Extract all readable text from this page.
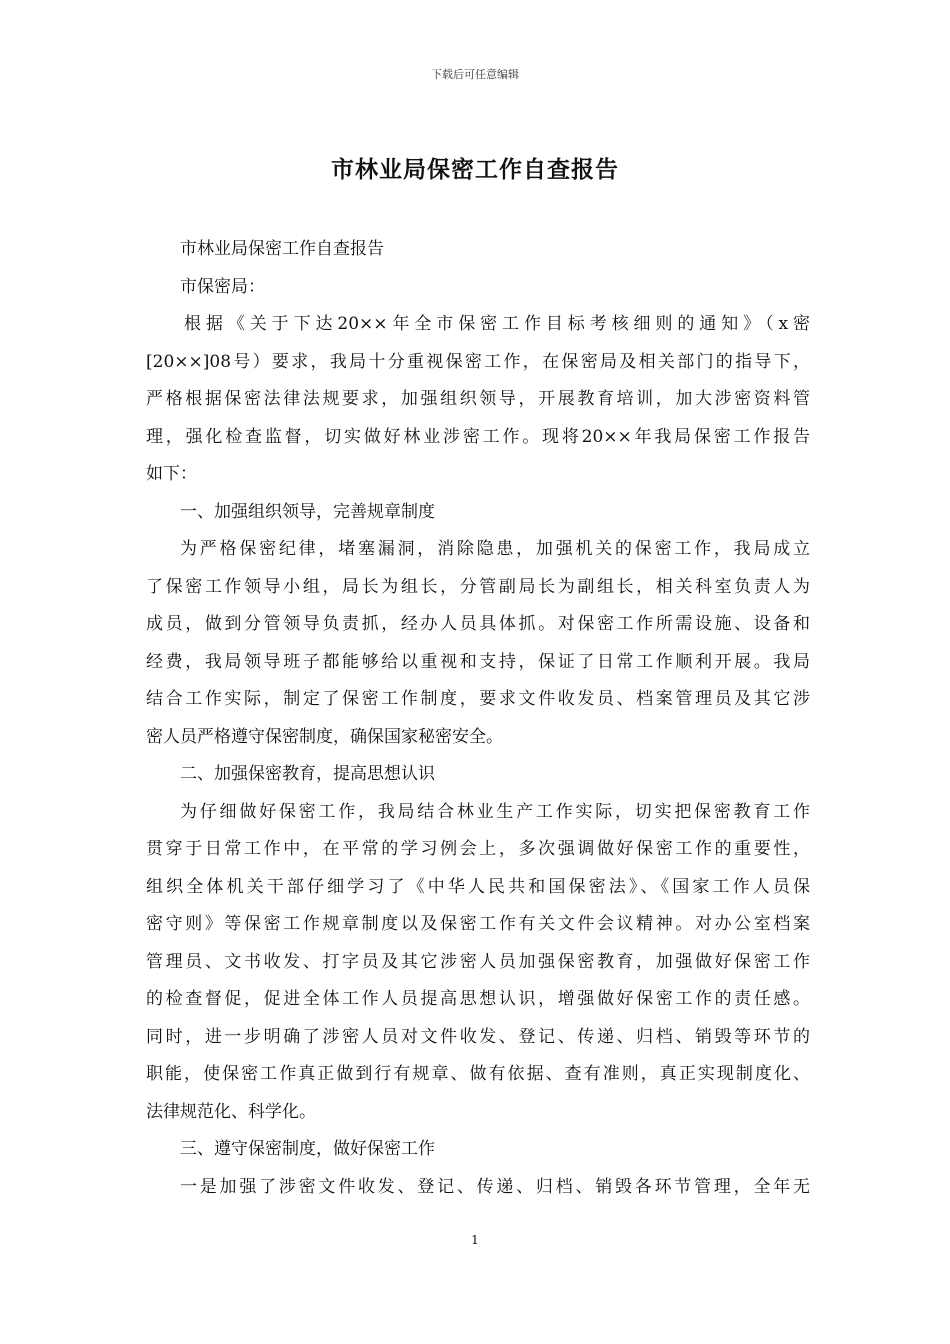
下载后可任意编辑
市林业局保密工作自查报告
市林业局保密工作自查报告
市保密局：
根据《关于下达20××年全市保密工作目标考核细则的通知》（x密
[20××]08号）要求，我局十分重视保密工作，在保密局及相关部门的指导下，
严格根据保密法律法规要求，加强组织领导，开展教育培训，加大涉密资料管
理，强化检查监督，切实做好林业涉密工作。现将20××年我局保密工作报告
如下：
一、加强组织领导，完善规章制度
为严格保密纪律，堵塞漏洞，消除隐患，加强机关的保密工作，我局成立
了保密工作领导小组，局长为组长，分管副局长为副组长，相关科室负责人为
成员，做到分管领导负责抓，经办人员具体抓。对保密工作所需设施、设备和
经费，我局领导班子都能够给以重视和支持，保证了日常工作顺利开展。我局
结合工作实际，制定了保密工作制度，要求文件收发员、档案管理员及其它涉
密人员严格遵守保密制度，确保国家秘密安全。
二、加强保密教育，提高思想认识
为仔细做好保密工作，我局结合林业生产工作实际，切实把保密教育工作
贯穿于日常工作中，在平常的学习例会上，多次强调做好保密工作的重要性，
组织全体机关干部仔细学习了《中华人民共和国保密法》、《国家工作人员保
密守则》等保密工作规章制度以及保密工作有关文件会议精神。对办公室档案
管理员、文书收发、打字员及其它涉密人员加强保密教育，加强做好保密工作
的检查督促，促进全体工作人员提高思想认识，增强做好保密工作的责任感。
同时，进一步明确了涉密人员对文件收发、登记、传递、归档、销毁等环节的
职能，使保密工作真正做到行有规章、做有依据、查有准则，真正实现制度化、
法律规范化、科学化。
三、遵守保密制度，做好保密工作
一是加强了涉密文件收发、登记、传递、归档、销毁各环节管理，全年无
1
